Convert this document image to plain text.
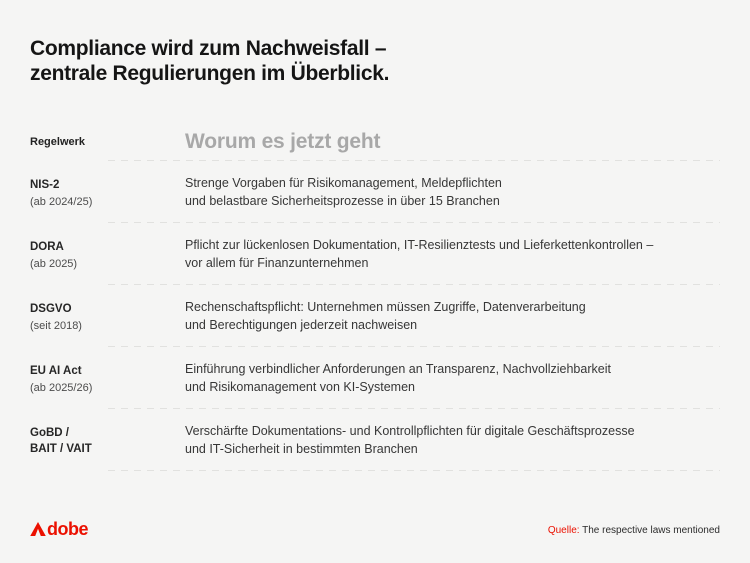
Compliance wird zum Nachweisfall –
zentrale Regulierungen im Überblick.
Regelwerk	Worum es jetzt geht
NIS-2
(ab 2024/25)
Strenge Vorgaben für Risikomanagement, Meldepflichten
und belastbare Sicherheitsprozesse in über 15 Branchen
DORA
(ab 2025)
Pflicht zur lückenlosen Dokumentation, IT-Resilienztests und Lieferkettenkontrollen –
vor allem für Finanzunternehmen
DSGVO
(seit 2018)
Rechenschaftspflicht: Unternehmen müssen Zugriffe, Datenverarbeitung
und Berechtigungen jederzeit nachweisen
EU AI Act
(ab 2025/26)
Einführung verbindlicher Anforderungen an Transparenz, Nachvollziehbarkeit
und Risikomanagement von KI-Systemen
GoBD /
BAIT / VAIT
Verschärfte Dokumentations- und Kontrollpflichten für digitale Geschäftsprozesse
und IT-Sicherheit in bestimmten Branchen
dobe	Quelle: The respective laws mentioned
